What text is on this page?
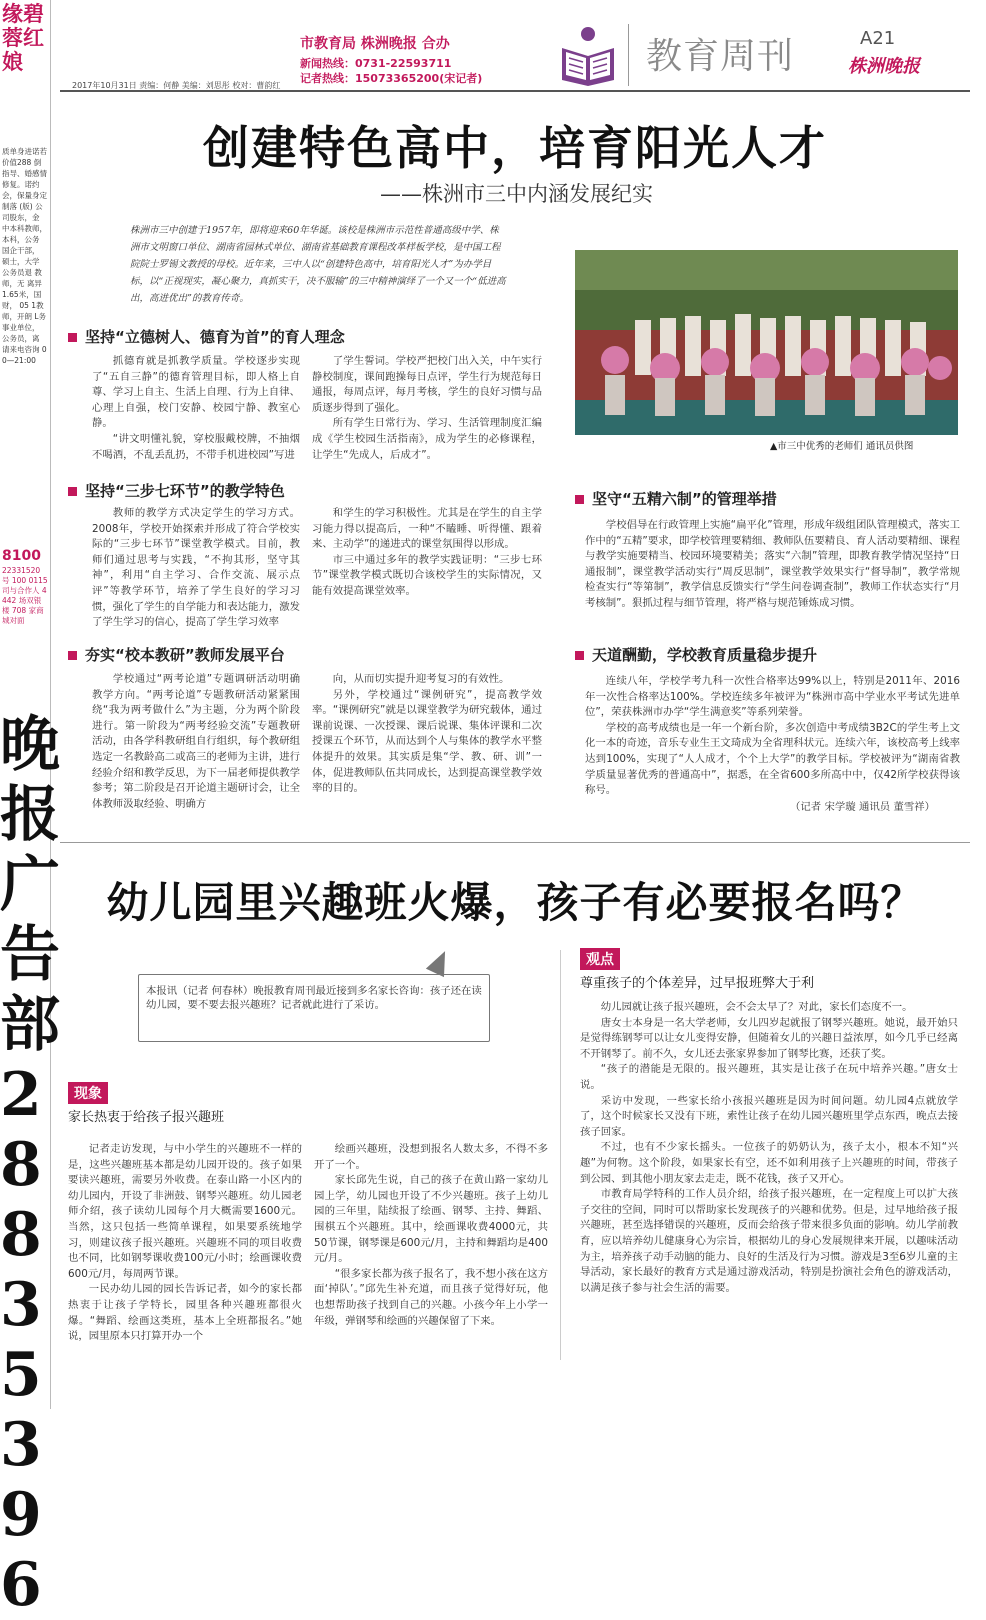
缘碧蓉红娘
质单身进诺若价值288 倒指导、婚感情修复。诺约会，保量身定制落 (版) 公司股东，金 中本科教师， 本科，公务 国企干部， 硕士，大学 公务员退 教师，无 离异 1.65米，国 财， 05 1教师，开朗 L务 事业单位， 公务员，离 请来电咨询 00—21:00
8100
22331520 号 100 0115 司与合作人 4442 场双银 楼 708 家商城对面
晚报广告部 28835396
市教育局 株洲晚报 合办
新闻热线：0731-22593711
记者热线：15073365200(宋记者)
教育周刊	A21
株洲晚报
2017年10月31日 责编：何静 美编：刘思彤 校对：曹韵红
创建特色高中，培育阳光人才
——株洲市三中内涵发展纪实
株洲市三中创建于1957年，即将迎来60年华诞。该校是株洲市示范性普通高级中学、株洲市文明窗口单位、湖南省园林式单位、湖南省基础教育课程改革样板学校，是中国工程院院士罗锡文教授的母校。近年来，三中人以“创建特色高中，培育阳光人才”为办学目标，以“正视现实，凝心聚力，真抓实干，决不服输”的三中精神演绎了一个又一个“低进高出，高进优出”的教育传奇。
▲市三中优秀的老师们 通讯员供图
坚持“立德树人、德育为首”的育人理念

抓德育就是抓教学质量。学校逐步实现了“五自三静”的德育管理目标，即人格上自尊、学习上自主、生活上自理、行为上自律、心理上自强，校门安静、校园宁静、教室心静。

“讲文明懂礼貌，穿校服戴校牌，不抽烟不喝酒，不乱丢乱扔，不带手机进校园”写进

了学生誓词。学校严把校门出入关，中午实行静校制度，课间跑操每日点评，学生行为规范每日通报，每周点评，每月考核，学生的良好习惯与品质逐步得到了强化。

所有学生日常行为、学习、生活管理制度汇编成《学生校园生活指南》，成为学生的必修课程，让学生“先成人，后成才”。

坚持“三步七环节”的教学特色

教师的教学方式决定学生的学习方式。2008年，学校开始探索并形成了符合学校实际的“三步七环节”课堂教学模式。目前，教师们通过思考与实践，“不拘其形，坚守其神”，利用“自主学习、合作交流、展示点评”等教学环节，培养了学生良好的学习习惯，强化了学生的自学能力和表达能力，激发了学生学习的信心，提高了学生学习效率

和学生的学习积极性。尤其是在学生的自主学习能力得以提高后，一种“不瞌睡、听得懂、跟着来、主动学”的递进式的课堂氛围得以形成。

市三中通过多年的教学实践证明：“三步七环节”课堂教学模式既切合该校学生的实际情况，又能有效提高课堂效率。

夯实“校本教研”教师发展平台

学校通过“两考论道”专题调研活动明确教学方向。“两考论道”专题教研活动紧紧围绕“我为两考做什么”为主题，分为两个阶段进行。第一阶段为“两考经验交流”专题教研活动，由各学科教研组自行组织，每个教研组选定一名教龄高二或高三的老师为主讲，进行经验介绍和教学反思，为下一届老师提供教学参考；第二阶段是召开论道主题研讨会，让全体教师汲取经验、明确方

向，从而切实提升迎考复习的有效性。

另外，学校通过“课例研究”，提高教学效率。“课例研究”就是以课堂教学为研究载体，通过课前说课、一次授课、课后说课、集体评课和二次授课五个环节，从而达到个人与集体的教学水平整体提升的效果。其实质是集“学、教、研、训”一体，促进教师队伍共同成长，达到提高课堂教学效率的目的。

坚守“五精六制”的管理举措

学校倡导在行政管理上实施“扁平化”管理，形成年级组团队管理模式，落实工作中的“五精”要求，即学校管理要精细、教师队伍要精良、育人活动要精细、课程与教学实施要精当、校园环境要精美；落实“六制”管理，即教育教学情况坚持“日通报制”，课堂教学活动实行“周反思制”，课堂教学效果实行“督导制”，教学常规检查实行“等第制”，教学信息反馈实行“学生问卷调查制”，教师工作状态实行“月考核制”。狠抓过程与细节管理，将严格与规范锤炼成习惯。

天道酬勤，学校教育质量稳步提升

连续八年，学校学考九科一次性合格率达99%以上，特别是2011年、2016年一次性合格率达100%。学校连续多年被评为“株洲市高中学业水平考试先进单位”，荣获株洲市办学“学生满意奖”等系列荣誉。

学校的高考成绩也是一年一个新台阶，多次创造中考成绩3B2C的学生考上文化一本的奇迹，音乐专业生王文琦成为全省理科状元。连续六年，该校高考上线率达到100%，实现了“人人成才，个个上大学”的教学目标。学校被评为“湖南省教学质量显著优秀的普通高中”，据悉，在全省600多所高中中，仅42所学校获得该称号。

（记者 宋学璇 通讯员 董雪祥）
幼儿园里兴趣班火爆，孩子有必要报名吗？
本报讯（记者 何春林）晚报教育周刊最近接到多名家长咨询：孩子还在读幼儿园，要不要去报兴趣班？记者就此进行了采访。
现象
家长热衷于给孩子报兴趣班

记者走访发现，与中小学生的兴趣班不一样的是，这些兴趣班基本都是幼儿园开设的。孩子如果要读兴趣班，需要另外收费。在泰山路一小区内的幼儿园内，开设了非洲鼓、钢琴兴趣班。幼儿园老师介绍，孩子读幼儿园每个月大概需要1600元。当然，这只包括一些简单课程，如果要系统地学习，则建议孩子报兴趣班。兴趣班不同的项目收费也不同，比如钢琴课收费100元/小时；绘画课收费600元/月，每周两节课。

一民办幼儿园的园长告诉记者，如今的家长都热衷于让孩子学特长，园里各种兴趣班都很火爆。“舞蹈、绘画这类班，基本上全班都报名。”她说，园里原本只打算开办一个

绘画兴趣班，没想到报名人数太多，不得不多开了一个。

家长邱先生说，自己的孩子在黄山路一家幼儿园上学，幼儿园也开设了不少兴趣班。孩子上幼儿园的三年里，陆续报了绘画、钢琴、主持、舞蹈、围棋五个兴趣班。其中，绘画课收费4000元，共50节课，钢琴课是600元/月，主持和舞蹈均是400元/月。

“很多家长都为孩子报名了，我不想小孩在这方面‘掉队’。”邱先生补充道，而且孩子觉得好玩，他也想帮助孩子找到自己的兴趣。小孩今年上小学一年级，弹钢琴和绘画的兴趣保留了下来。

观点
尊重孩子的个体差异，过早报班弊大于利

幼儿园就让孩子报兴趣班，会不会太早了？对此，家长们态度不一。

唐女士本身是一名大学老师，女儿四岁起就报了钢琴兴趣班。她说，最开始只是觉得练钢琴可以让女儿变得安静，但随着女儿的兴趣日益浓厚，如今几乎已经离不开钢琴了。前不久，女儿还去张家界参加了钢琴比赛，还获了奖。

“孩子的潜能是无限的。报兴趣班，其实是让孩子在玩中培养兴趣。”唐女士说。

采访中发现，一些家长给小孩报兴趣班是因为时间问题。幼儿园4点就放学了，这个时候家长又没有下班，索性让孩子在幼儿园兴趣班里学点东西，晚点去接孩子回家。

不过，也有不少家长摇头。一位孩子的奶奶认为，孩子太小，根本不知“兴趣”为何物。这个阶段，如果家长有空，还不如利用孩子上兴趣班的时间，带孩子到公园、到其他小朋友家去走走，既不花钱，孩子又开心。

市教育局学特科的工作人员介绍，给孩子报兴趣班，在一定程度上可以扩大孩子交往的空间，同时可以帮助家长发现孩子的兴趣和优势。但是，过早地给孩子报兴趣班，甚至选择错误的兴趣班，反而会给孩子带来很多负面的影响。幼儿学前教育，应以培养幼儿健康身心为宗旨，根据幼儿的身心发展规律来开展，以趣味活动为主，培养孩子动手动脑的能力、良好的生活及行为习惯。游戏是3至6岁儿童的主导活动，家长最好的教育方式是通过游戏活动，特别是扮演社会角色的游戏活动，以满足孩子参与社会生活的需要。
